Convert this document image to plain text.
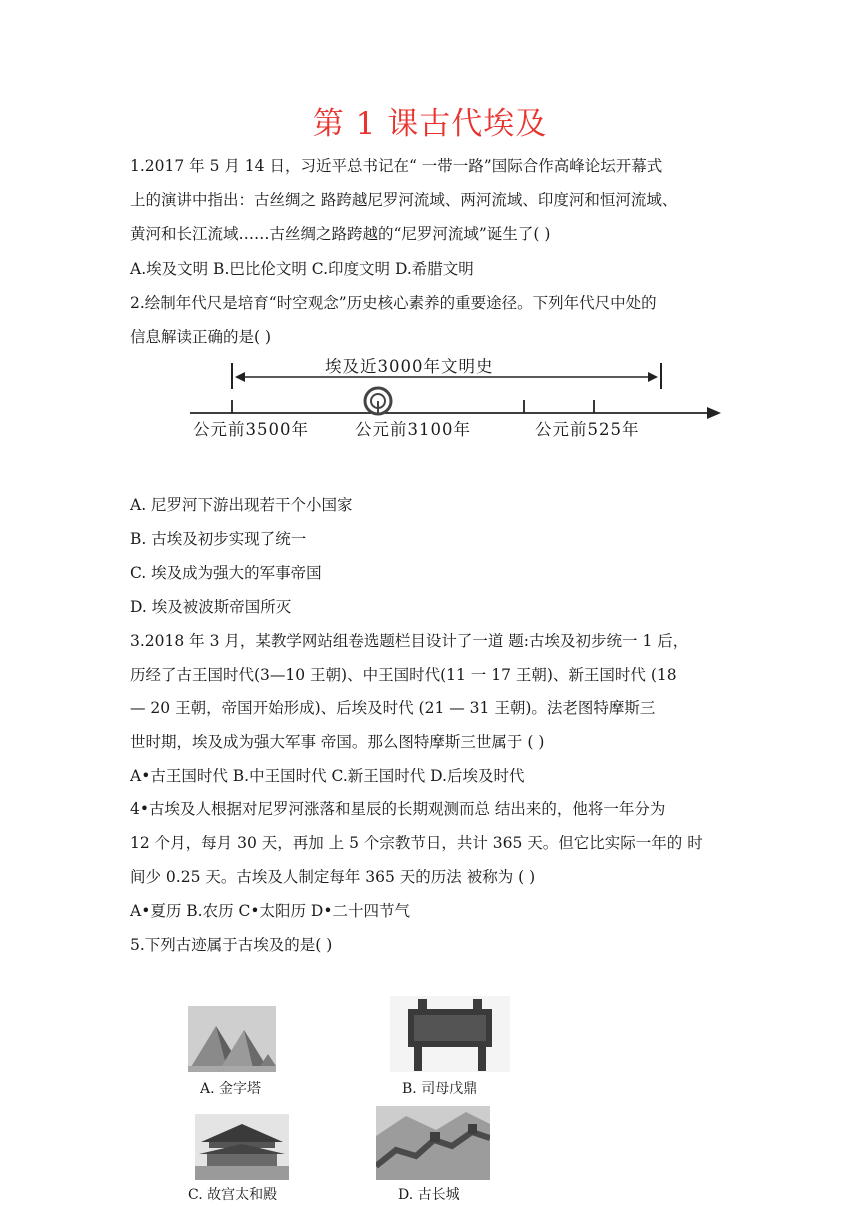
第 1 课古代埃及
1.2017 年 5 月 14 日，习近平总书记在“ 一带一路”国际合作高峰论坛开幕式
上的演讲中指出：古丝绸之 路跨越尼罗河流域、两河流域、印度河和恒河流域、
黄河和长江流域……古丝绸之路跨越的“尼罗河流域”诞生了( )
A.埃及文明 B.巴比伦文明 C.印度文明 D.希腊文明
2.绘制年代尺是培育“时空观念”历史核心素养的重要途径。下列年代尺中处的
信息解读正确的是( )
埃及近3000年文明史
公元前3500年	公元前3100年	公元前525年
A. 尼罗河下游出现若干个小国家
B. 古埃及初步实现了统一
C. 埃及成为强大的军事帝国
D. 埃及被波斯帝国所灭
3.2018 年 3 月，某教学网站组卷选题栏目设计了一道 题:古埃及初步统一 1 后，
历经了古王国时代(3—10 王朝)、中王国时代(11 一 17 王朝)、新王国时代 (18
— 20 王朝，帝国开始形成)、后埃及时代 (21 — 31 王朝)。法老图特摩斯三
世时期，埃及成为强大军事 帝国。那么图特摩斯三世属于 ( )
A•古王国时代 B.中王国时代 C.新王国时代 D.后埃及时代
4•古埃及人根据对尼罗河涨落和星辰的长期观测而总 结出来的，他将一年分为
12 个月，每月 30 天，再加 上 5 个宗教节日，共计 365 天。但它比实际一年的 时
间少 0.25 天。古埃及人制定每年 365 天的历法 被称为 ( )
A•夏历 B.农历 C•太阳历 D•二十四节气
5.下列古迹属于古埃及的是( )
A. 金字塔	B. 司母戊鼎
C. 故宫太和殿	D. 古长城
